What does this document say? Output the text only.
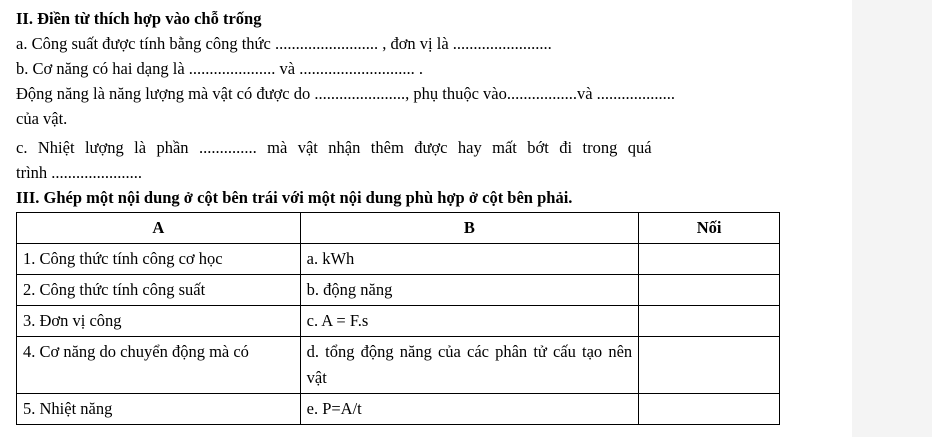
II. Điền từ thích hợp vào chỗ trống

a. Công suất được tính bằng công thức ......................... , đơn vị là ........................

b. Cơ năng có hai dạng là ..................... và ............................ .

Động năng là năng lượng mà vật có được do ......................, phụ thuộc vào.................và ...................

của vật.

c. Nhiệt lượng là phần .............. mà vật nhận thêm được hay mất bớt đi trong quá

trình ......................

III. Ghép một nội dung ở cột bên trái với một nội dung phù hợp ở cột bên phải.

A	B	Nối
1. Công thức tính công cơ học	a. kWh	
2. Công thức tính công suất	b. động năng	
3. Đơn vị công	c. A = F.s	
4. Cơ năng do chuyển động mà có	d. tổng động năng của các phân tử cấu tạo nên vật	
5. Nhiệt năng	e. P=A/t	
